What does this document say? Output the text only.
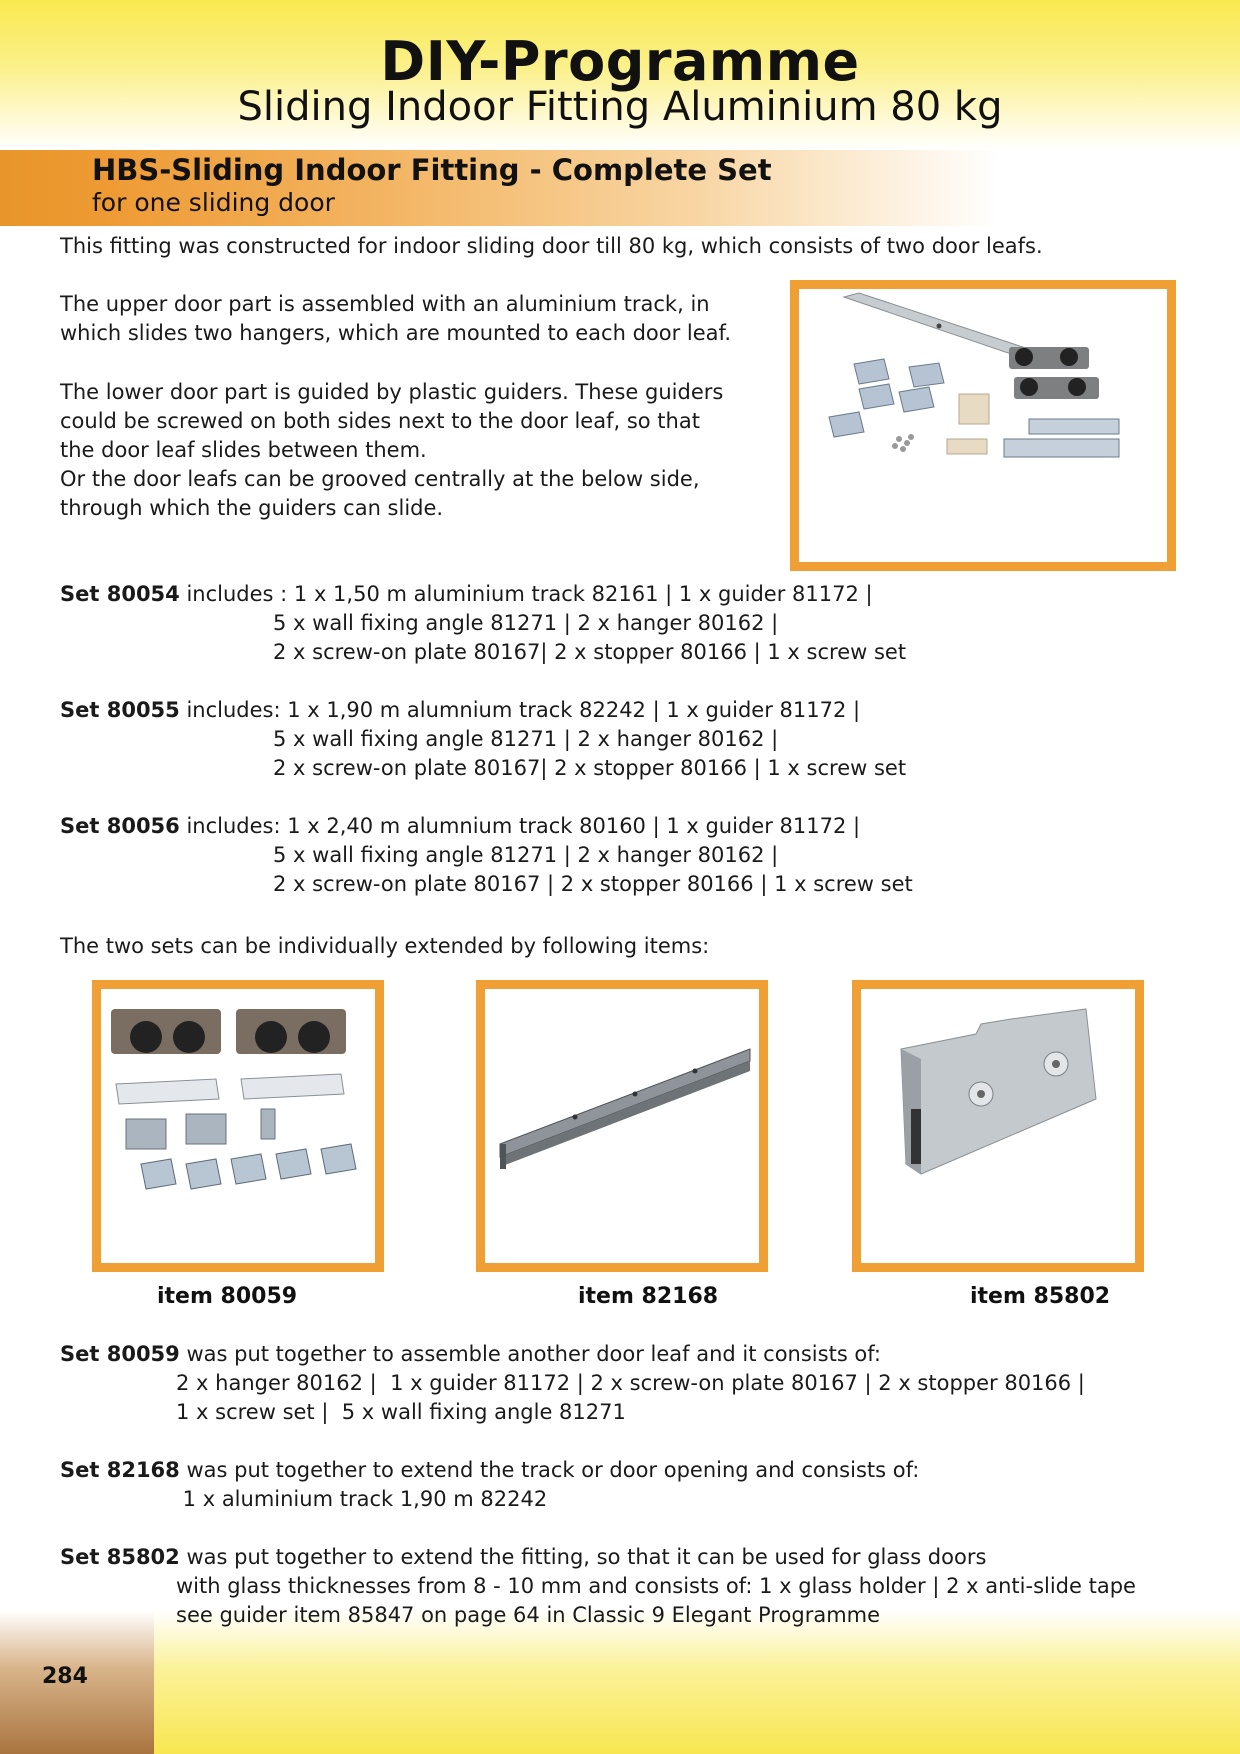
DIY-Programme
Sliding Indoor Fitting Aluminium 80 kg
HBS-Sliding Indoor Fitting - Complete Set
for one sliding door
This fitting was constructed for indoor sliding door till 80 kg, which consists of two door leafs.
The upper door part is assembled with an aluminium track, in
which slides two hangers, which are mounted to each door leaf.
The lower door part is guided by plastic guiders. These guiders
could be screwed on both sides next to the door leaf, so that
the door leaf slides between them.
Or the door leafs can be grooved centrally at the below side,
through which the guiders can slide.
Set 80054 includes : 1 x 1,50 m aluminium track 82161 | 1 x guider 81172 |
5 x wall fixing angle 81271 | 2 x hanger 80162 |
2 x screw-on plate 80167| 2 x stopper 80166 | 1 x screw set
Set 80055 includes: 1 x 1,90 m alumnium track 82242 | 1 x guider 81172 |
5 x wall fixing angle 81271 | 2 x hanger 80162 |
2 x screw-on plate 80167| 2 x stopper 80166 | 1 x screw set
Set 80056 includes: 1 x 2,40 m alumnium track 80160 | 1 x guider 81172 |
5 x wall fixing angle 81271 | 2 x hanger 80162 |
2 x screw-on plate 80167 | 2 x stopper 80166 | 1 x screw set
The two sets can be individually extended by following items:
item 80059	item 82168	item 85802
Set 80059 was put together to assemble another door leaf and it consists of:
2 x hanger 80162 |  1 x guider 81172 | 2 x screw-on plate 80167 | 2 x stopper 80166 |
1 x screw set |  5 x wall fixing angle 81271
Set 82168 was put together to extend the track or door opening and consists of:
1 x aluminium track 1,90 m 82242
Set 85802 was put together to extend the fitting, so that it can be used for glass doors
with glass thicknesses from 8 - 10 mm and consists of: 1 x glass holder | 2 x anti-slide tape
see guider item 85847 on page 64 in Classic 9 Elegant Programme
284
